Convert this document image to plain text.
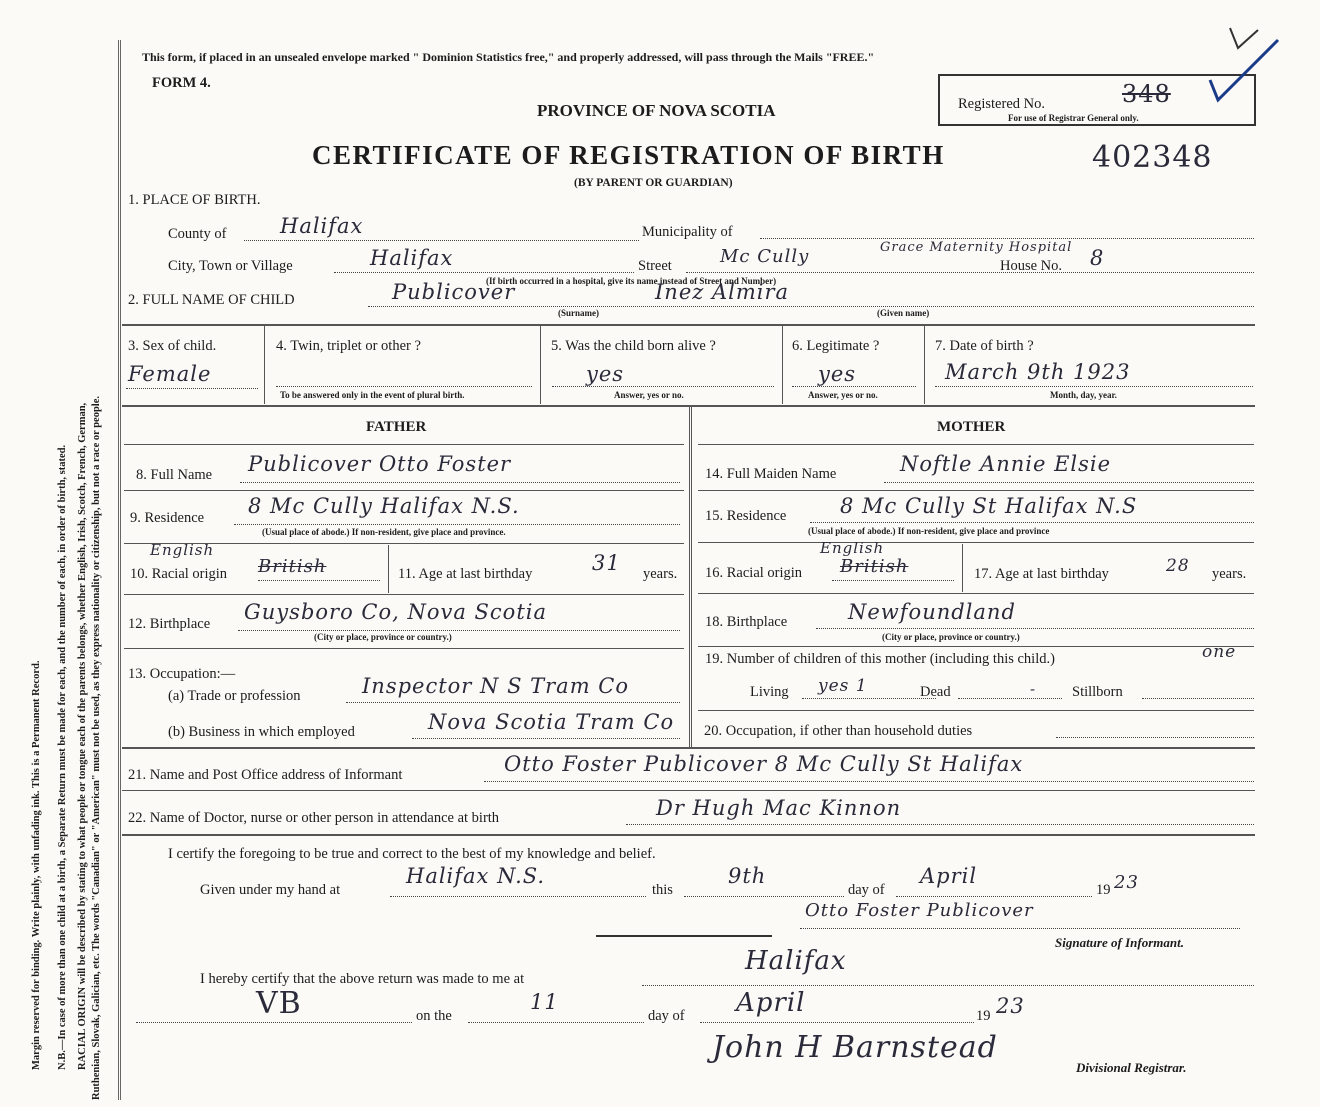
Margin reserved for binding. Write plainly, with unfading ink. This is a Permanent Record. N.B.—In case of more than one child at a birth, a Separate Return must be made for each, and the number of each, in order of birth, stated. RACIAL ORIGIN will be described by stating to what people or tongue each of the parents belongs, whether English, Irish, Scotch, French, German, Ruthenian, Slovak, Galician, etc. The words "Canadian" or "American" must not be used, as they express nationality or citizenship, but not a race or people.
This form, if placed in an unsealed envelope marked " Dominion Statistics free," and properly addressed, will pass through the Mails "FREE."
FORM 4.
PROVINCE OF NOVA SCOTIA
CERTIFICATE OF REGISTRATION OF BIRTH	402348
(BY PARENT OR GUARDIAN)
Registered No.	348
For use of Registrar General only.
1. PLACE OF BIRTH.
County of	Halifax	Municipality of
City, Town or Village	Halifax	Street	Mc Cully	Grace Maternity Hospital
House No. 8
(If birth occurred in a hospital, give its name instead of Street and Number)
2. FULL NAME OF CHILD	Publicover	Inez Almira
(Surname)	(Given name)
3. Sex of child.
Female
4. Twin, triplet or other ?
To be answered only in the event of plural birth.
5. Was the child born alive ?
yes
Answer, yes or no.
6. Legitimate ?
yes
Answer, yes or no.
7. Date of birth ?
March 9th 1923
Month, day, year.
FATHER	MOTHER
8. Full Name Publicover Otto Foster
9. Residence 8 Mc Cully Halifax N.S.
(Usual place of abode.) If non-resident, give place and province.
10. Racial origin
English
British	11. Age at last birthday	31 years.
12. Birthplace Guysboro Co, Nova Scotia
(City or place, province or country.)
13. Occupation:—
(a) Trade or profession	Inspector N S Tram Co
(b) Business in which employed	Nova Scotia Tram Co
14. Full Maiden Name	Noftle Annie Elsie
15. Residence	8 Mc Cully St Halifax N.S
(Usual place of abode.) If non-resident, give place and province
16. Racial origin
English
British	17. Age at last birthday	28 years.
18. Birthplace	Newfoundland
(City or place, province or country.)
19. Number of children of this mother (including this child.)	one
Living yes 1	Dead	- Stillborn
20. Occupation, if other than household duties
21. Name and Post Office address of Informant	Otto Foster Publicover 8 Mc Cully St Halifax
22. Name of Doctor, nurse or other person in attendance at birth	Dr Hugh Mac Kinnon
I certify the foregoing to be true and correct to the best of my knowledge and belief.
Given under my hand at
Halifax N.S.
this
9th
day of
April
19 23
Otto Foster Publicover
Signature of Informant.
I hereby certify that the above return was made to me at
Halifax
VB	on the
11
day of April	19 23
John H Barnstead
Divisional Registrar.
